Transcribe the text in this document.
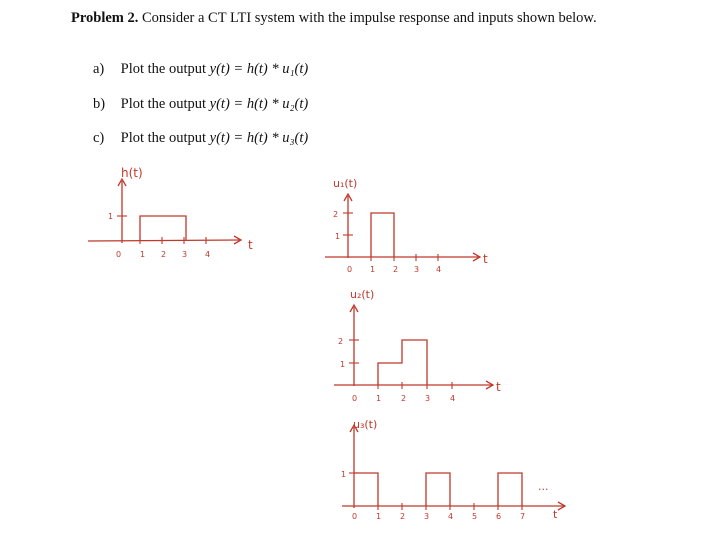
Problem 2. Consider a CT LTI system with the impulse response and inputs shown below.
a) Plot the output y(t) = h(t) * u₁(t)
b) Plot the output y(t) = h(t) * u₂(t)
c) Plot the output y(t) = h(t) * u₃(t)
h(t)
t
1
0 1 2 3 4
u₁(t)
t
2
1
0 1 2 3 4
u₂(t)
t
2
1
0 1 2 3 4
u₃(t)
t
1
...
0 1 2 3 4 5 6 7
